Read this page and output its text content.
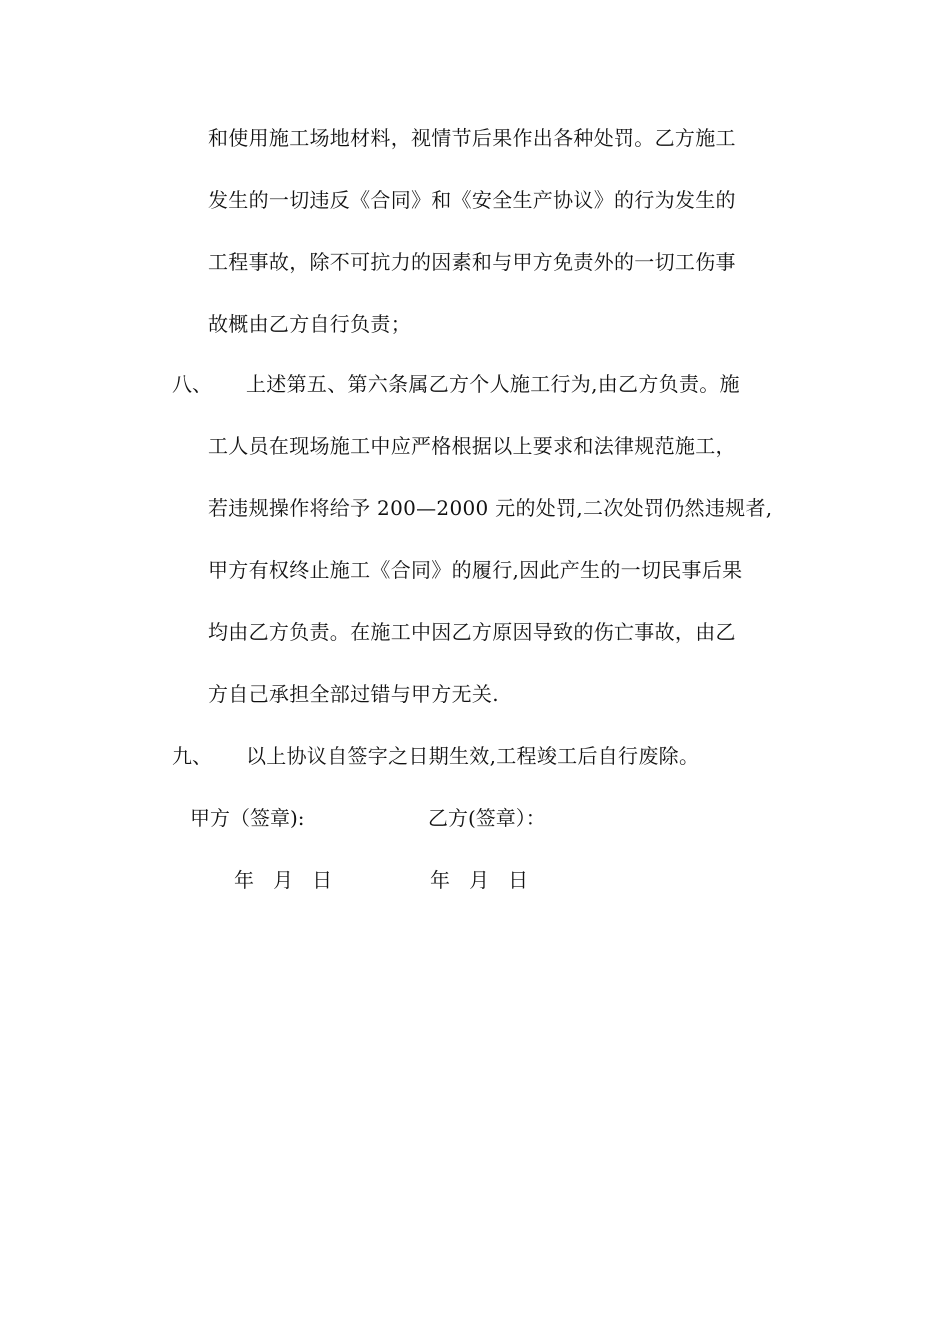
和使用施工场地材料，视情节后果作出各种处罚。乙方施工
发生的一切违反《合同》和《安全生产协议》的行为发生的
工程事故，除不可抗力的因素和与甲方免责外的一切工伤事
故概由乙方自行负责；
八、 上述第五、第六条属乙方个人施工行为,由乙方负责。施
工人员在现场施工中应严格根据以上要求和法律规范施工，
若违规操作将给予 200—2000 元的处罚,二次处罚仍然违规者,
甲方有权终止施工《合同》的履行,因此产生的一切民事后果
均由乙方负责。在施工中因乙方原因导致的伤亡事故，由乙
方自己承担全部过错与甲方无关.
九、 以上协议自签字之日期生效,工程竣工后自行废除。
甲方（签章):	乙方(签章）：
年   月   日	年   月   日
